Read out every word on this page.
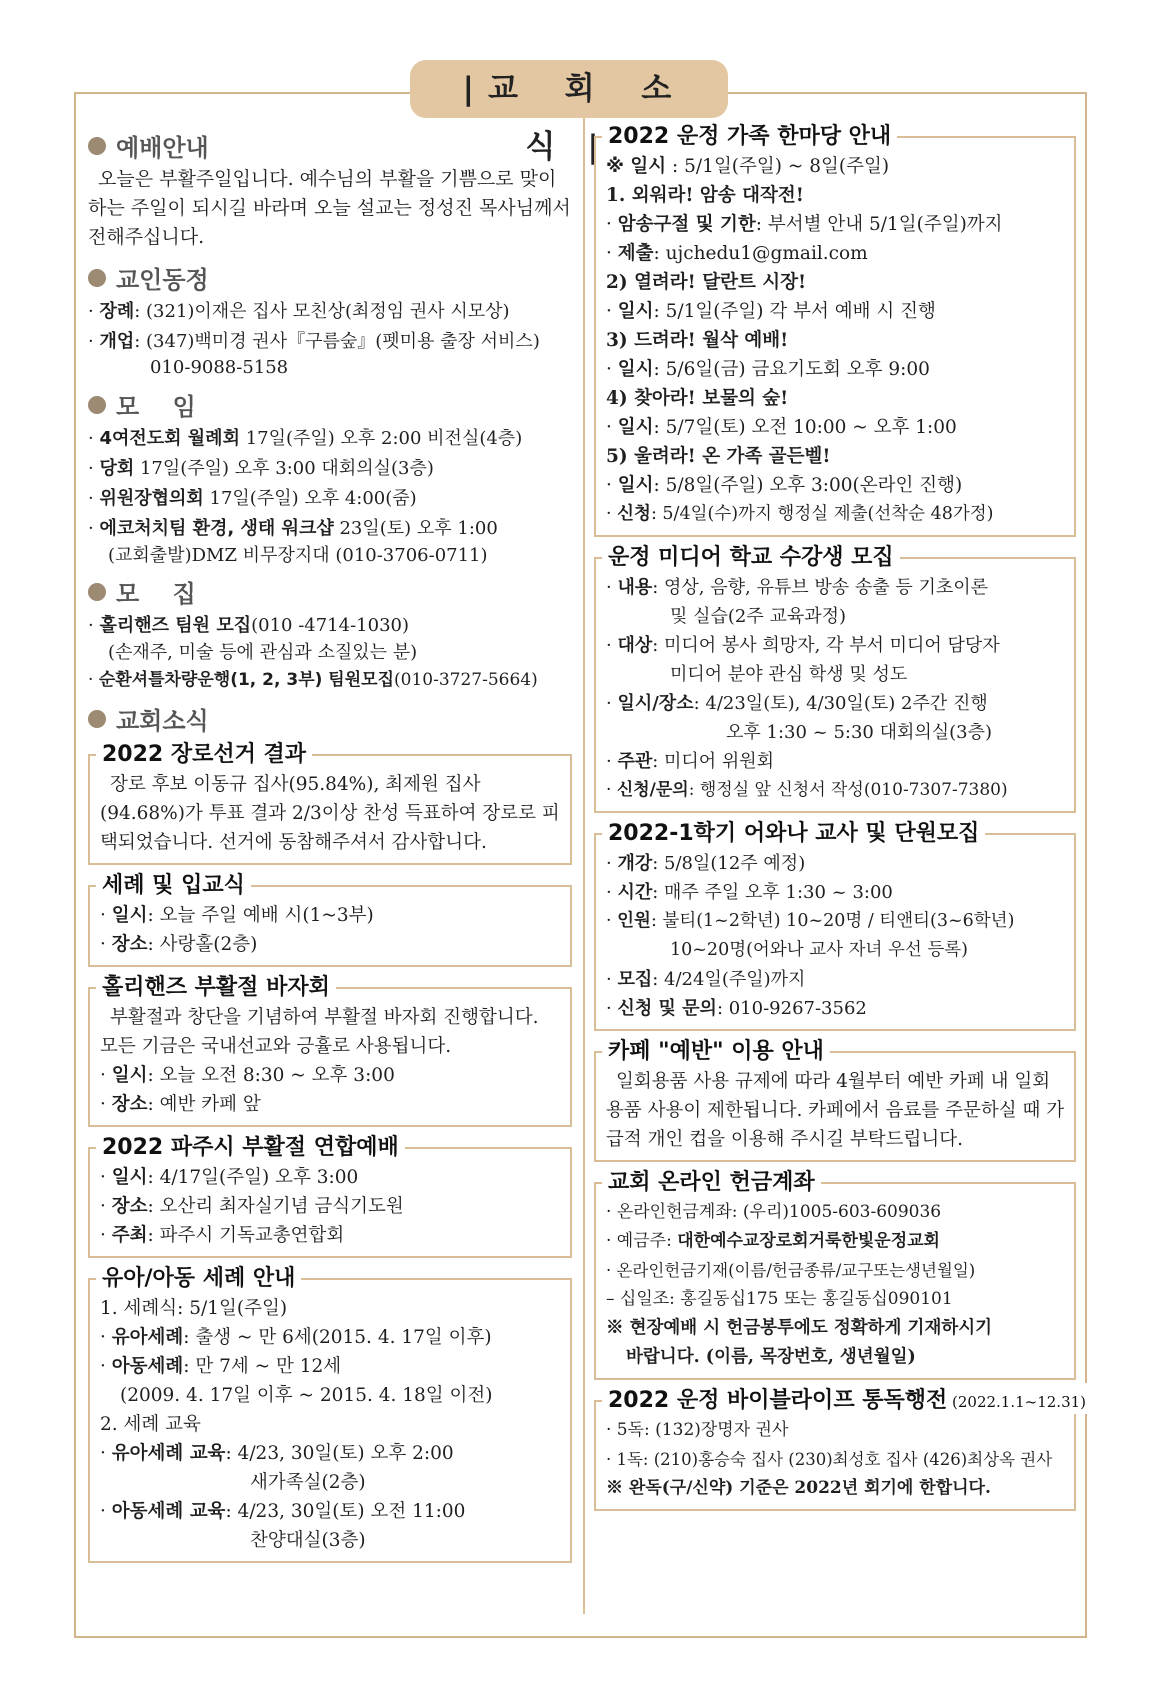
| 교 회 소 식 |
예배안내
오늘은 부활주일입니다. 예수님의 부활을 기쁨으로 맞이하는 주일이 되시길 바라며 오늘 설교는 정성진 목사님께서 전해주십니다.
교인동정
· 장례: (321)이재은 집사 모친상(최정임 권사 시모상)
· 개업: (347)백미경 권사『구름숲』(펫미용 출장 서비스)
010-9088-5158
모    임
· 4여전도회 월례회 17일(주일) 오후 2:00 비전실(4층)
· 당회 17일(주일) 오후 3:00 대회의실(3층)
· 위원장협의회 17일(주일) 오후 4:00(줌)
· 에코처치팀 환경, 생태 워크샵 23일(토) 오후 1:00
(교회출발)DMZ 비무장지대 (010-3706-0711)
모    집
· 홀리핸즈 팀원 모집(010 -4714-1030)
(손재주, 미술 등에 관심과 소질있는 분)
· 순환셔틀차량운행(1, 2, 3부) 팀원모집(010-3727-5664)
교회소식
2022 장로선거 결과
장로 후보 이동규 집사(95.84%), 최제원 집사(94.68%)가 투표 결과 2/3이상 찬성 득표하여 장로로 피택되었습니다. 선거에 동참해주셔서 감사합니다.
세례 및 입교식
· 일시: 오늘 주일 예배 시(1~3부)
· 장소: 사랑홀(2층)
홀리핸즈 부활절 바자회
부활절과 창단을 기념하여 부활절 바자회 진행합니다. 모든 기금은 국내선교와 긍휼로 사용됩니다.
· 일시: 오늘 오전 8:30 ~ 오후 3:00
· 장소: 예반 카페 앞
2022 파주시 부활절 연합예배
· 일시: 4/17일(주일) 오후 3:00
· 장소: 오산리 최자실기념 금식기도원
· 주최: 파주시 기독교총연합회
유아/아동 세례 안내
1. 세례식: 5/1일(주일)
· 유아세례: 출생 ~ 만 6세(2015. 4. 17일 이후)
· 아동세례: 만 7세 ~ 만 12세
(2009. 4. 17일 이후 ~ 2015. 4. 18일 이전)
2. 세례 교육
· 유아세례 교육: 4/23, 30일(토) 오후 2:00
새가족실(2층)
· 아동세례 교육: 4/23, 30일(토) 오전 11:00
찬양대실(3층)
2022 운정 가족 한마당 안내
※ 일시 : 5/1일(주일) ~ 8일(주일)
1. 외워라! 암송 대작전!
· 암송구절 및 기한: 부서별 안내 5/1일(주일)까지
· 제출: ujchedu1@gmail.com
2) 열려라! 달란트 시장!
· 일시: 5/1일(주일) 각 부서 예배 시 진행
3) 드려라! 월삭 예배!
· 일시: 5/6일(금) 금요기도회 오후 9:00
4) 찾아라! 보물의 숲!
· 일시: 5/7일(토) 오전 10:00 ~ 오후 1:00
5) 울려라! 온 가족 골든벨!
· 일시: 5/8일(주일) 오후 3:00(온라인 진행)
· 신청: 5/4일(수)까지 행정실 제출(선착순 48가정)
운정 미디어 학교 수강생 모집
· 내용: 영상, 음향, 유튜브 방송 송출 등 기초이론
및 실습(2주 교육과정)
· 대상: 미디어 봉사 희망자, 각 부서 미디어 담당자
미디어 분야 관심 학생 및 성도
· 일시/장소: 4/23일(토), 4/30일(토) 2주간 진행
오후 1:30 ~ 5:30 대회의실(3층)
· 주관: 미디어 위원회
· 신청/문의: 행정실 앞 신청서 작성(010-7307-7380)
2022-1학기 어와나 교사 및 단원모집
· 개강: 5/8일(12주 예정)
· 시간: 매주 주일 오후 1:30 ~ 3:00
· 인원: 불티(1~2학년) 10~20명 / 티앤티(3~6학년)
10~20명(어와나 교사 자녀 우선 등록)
· 모집: 4/24일(주일)까지
· 신청 및 문의: 010-9267-3562
카페 "예반" 이용 안내
일회용품 사용 규제에 따라 4월부터 예반 카페 내 일회용품 사용이 제한됩니다. 카페에서 음료를 주문하실 때 가급적 개인 컵을 이용해 주시길 부탁드립니다.
교회 온라인 헌금계좌
· 온라인헌금계좌: (우리)1005-603-609036
· 예금주: 대한예수교장로회거룩한빛운정교회
· 온라인헌금기재(이름/헌금종류/교구또는생년월일)
– 십일조: 홍길동십175 또는 홍길동십090101
※ 현장예배 시 헌금봉투에도 정확하게 기재하시기
바랍니다. (이름, 목장번호, 생년월일)
2022 운정 바이블라이프 통독행전 (2022.1.1~12.31)
· 5독: (132)장명자 권사
· 1독: (210)홍승숙 집사 (230)최성호 집사 (426)최상옥 권사
※ 완독(구/신약) 기준은 2022년 회기에 한합니다.
